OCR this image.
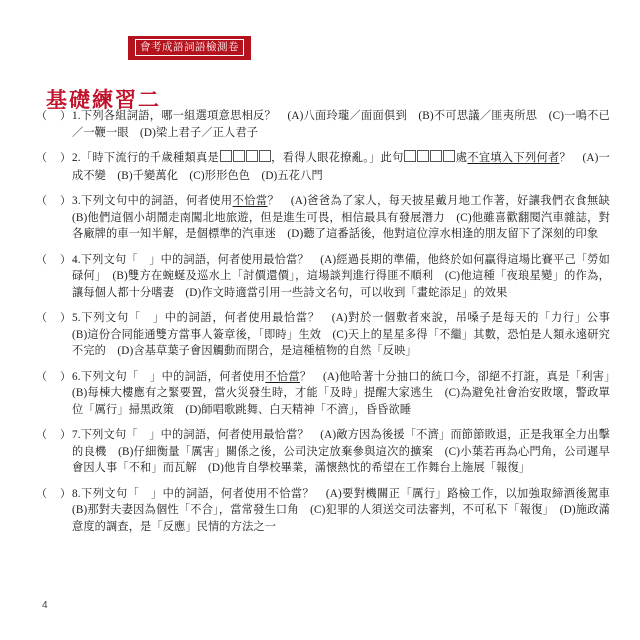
會考成語詞語檢測卷
基礎練習二
（　） 1.下列各組詞語，哪一組選項意思相反？　(A)八面玲瓏／面面俱到　(B)不可思議／匪夷所思　(C)一鳴不已／一鞭一眼　(D)梁上君子／正人君子
（　） 2.「時下流行的千歲種類真是	，看得人眼花撩亂。」此句	處不宜填入下列何者？　(A)一成不變　(B)千變萬化　(C)形形色色　(D)五花八門
（　） 3.下列文句中的詞語，何者使用不恰當？　(A)爸爸為了家人，每天披星戴月地工作著，好讓我們衣食無缺　(B)他們這個小胡鬧走南闖北地旅遊，但是進生可畏，相信最具有發展潛力　(C)他雖喜歡翻閱汽車雜誌，對各廠牌的車一知半解，是個標準的汽車迷　(D)聽了這番話後，他對這位淳水相逢的朋友留下了深刻的印象
（　） 4.下列文句「　」中的詞語，何者使用最恰當？　(A)經過長期的準備，他終於如何贏得這場比賽平己「勞如碌何」　(B)雙方在蜿蜒及巡水上「討價還價」，這場談判進行得匪不順利　(C)他這種「夜琅星變」的作為，讓每個人都十分嗜妻　(D)作文時適當引用一些詩文名句，可以收到「畫蛇添足」的效果
（　） 5.下列文句「　」中的詞語，何者使用最恰當？　(A)對於一個敷者來說，吊嗓子是每天的「力行」公事　(B)這份合同能通雙方當事人簽章後，「即時」生效　(C)天上的星星多得「不繼」其數，恐怕是人類永遠研究不完的　(D)含基草葉子會因觸動而閉合，是這種植物的自然「反映」
（　） 6.下列文句「　」中的詞語，何者使用不恰當？　(A)他哈著十分抽口的統口今，卻絕不打誑，真是「利害」　(B)每棟大樓應有之緊要置，當火災發生時，才能「及時」提醒大家逃生　(C)為避免社會治安敗壞，警政單位「厲行」掃黑政策　(D)師唱歌跳舞、白天精神「不濟」，昏昏欲睡
（　） 7.下列文句「　」中的詞語，何者使用最恰當？　(A)敵方因為後援「不濟」而節節敗退，正是我軍全力出擊的良機　(B)仔細衡量「厲害」關係之後，公司決定放棄參與這次的擴案　(C)小葉若再為心門角，公司遲早會因人事「不和」而瓦解　(D)他肯自學校畢業，滿懷熱忱的希望在工作舞台上施展「報復」
（　） 8.下列文句「　」中的詞語，何者使用不恰當？　(A)要對機關正「厲行」路檢工作，以加強取締酒後駕車　(B)那對夫妻因為個性「不合」，當常發生口角　(C)犯罪的人須送交司法審判，不可私下「報復」　(D)施政滿意度的調查，是「反應」民情的方法之一
4
